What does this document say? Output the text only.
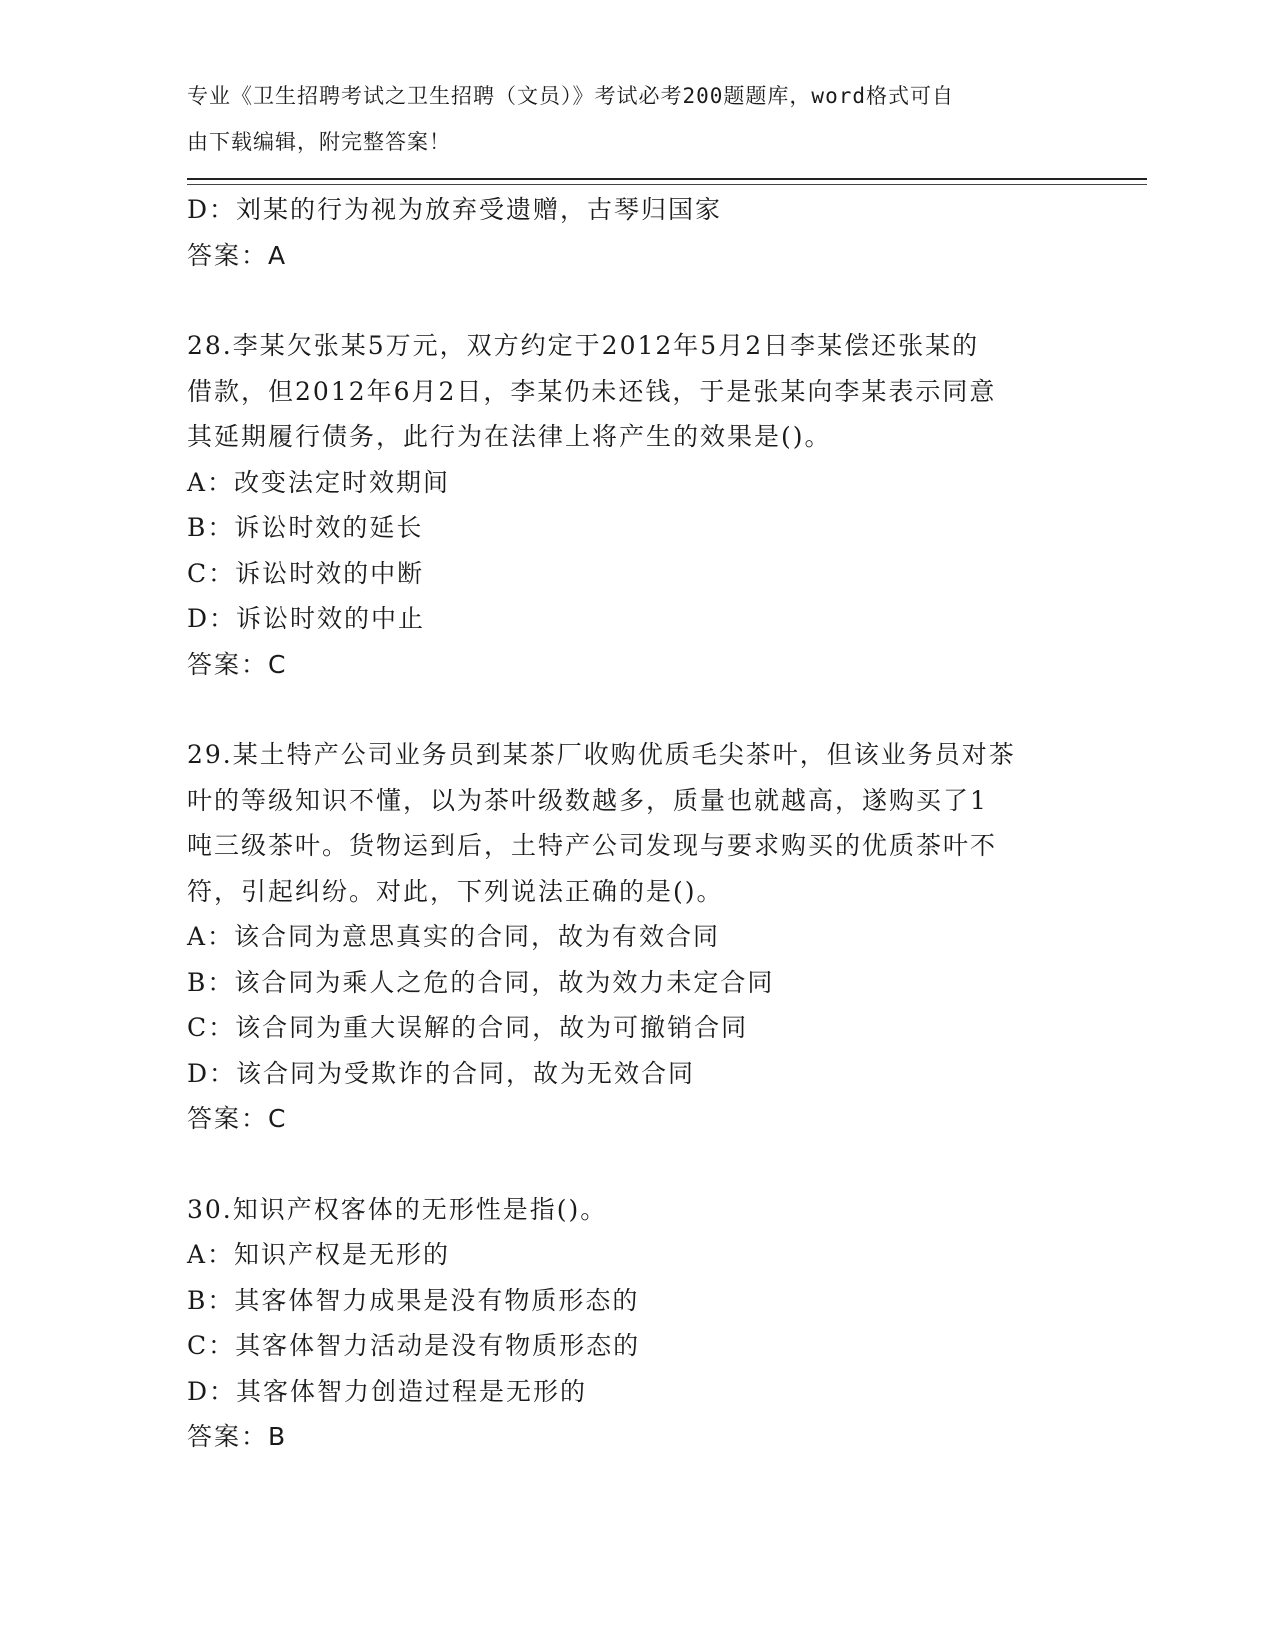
专业《卫生招聘考试之卫生招聘（文员）》考试必考200题题库，word格式可自
由下载编辑，附完整答案！
D：刘某的行为视为放弃受遗赠，古琴归国家
答案：A
28.李某欠张某5万元，双方约定于2012年5月2日李某偿还张某的
借款，但2012年6月2日，李某仍未还钱，于是张某向李某表示同意
其延期履行债务，此行为在法律上将产生的效果是()。
A：改变法定时效期间
B：诉讼时效的延长
C：诉讼时效的中断
D：诉讼时效的中止
答案：C
29.某土特产公司业务员到某茶厂收购优质毛尖茶叶，但该业务员对茶
叶的等级知识不懂，以为茶叶级数越多，质量也就越高，遂购买了1
吨三级茶叶。货物运到后，土特产公司发现与要求购买的优质茶叶不
符，引起纠纷。对此，下列说法正确的是()。
A：该合同为意思真实的合同，故为有效合同
B：该合同为乘人之危的合同，故为效力未定合同
C：该合同为重大误解的合同，故为可撤销合同
D：该合同为受欺诈的合同，故为无效合同
答案：C
30.知识产权客体的无形性是指()。
A：知识产权是无形的
B：其客体智力成果是没有物质形态的
C：其客体智力活动是没有物质形态的
D：其客体智力创造过程是无形的
答案：B
